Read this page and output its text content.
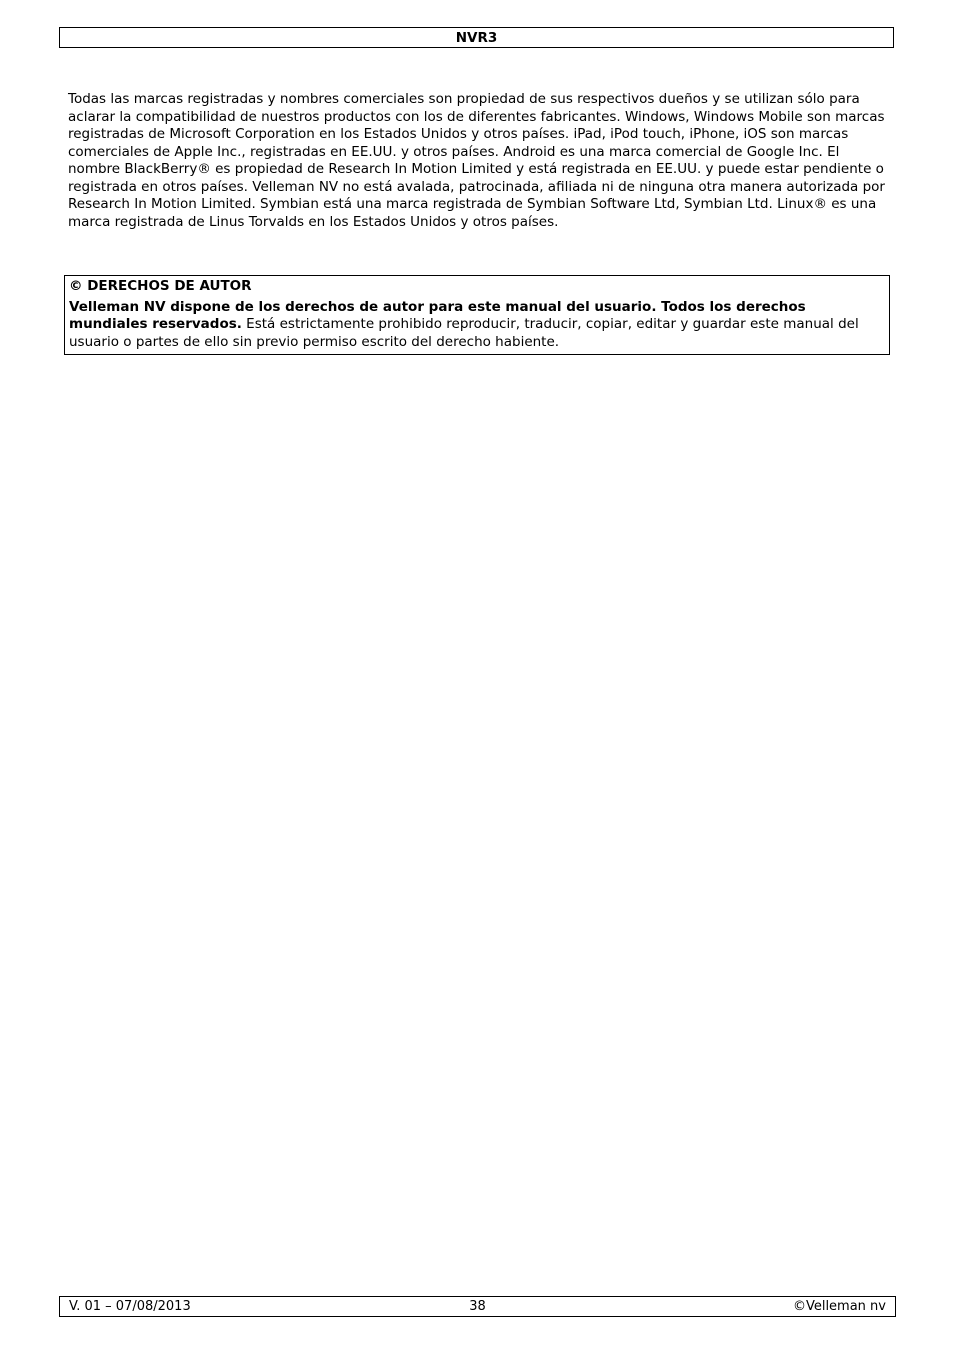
NVR3

Todas las marcas registradas y nombres comerciales son propiedad de sus respectivos dueños y se utilizan sólo para aclarar la compatibilidad de nuestros productos con los de diferentes fabricantes. Windows, Windows Mobile son marcas registradas de Microsoft Corporation en los Estados Unidos y otros países. iPad, iPod touch, iPhone, iOS son marcas comerciales de Apple Inc., registradas en EE.UU. y otros países. Android es una marca comercial de Google Inc. El nombre BlackBerry® es propiedad de Research In Motion Limited y está registrada en EE.UU. y puede estar pendiente o registrada en otros países. Velleman NV no está avalada, patrocinada, afiliada ni de ninguna otra manera autorizada por Research In Motion Limited. Symbian está una marca registrada de Symbian Software Ltd, Symbian Ltd. Linux® es una marca registrada de Linus Torvalds en los Estados Unidos y otros países.

© DERECHOS DE AUTOR

Velleman NV dispone de los derechos de autor para este manual del usuario. Todos los derechos mundiales reservados. Está estrictamente prohibido reproducir, traducir, copiar, editar y guardar este manual del usuario o partes de ello sin previo permiso escrito del derecho habiente.

V. 01 – 07/08/2013	38	©Velleman nv
